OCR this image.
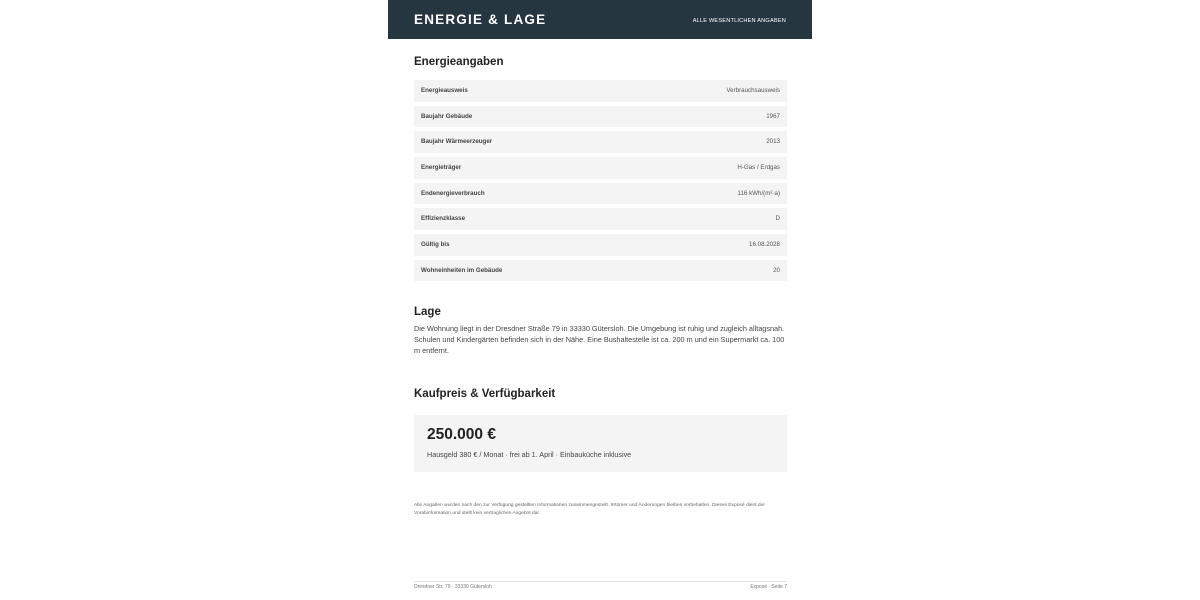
ENERGIE & LAGE	ALLE WESENTLICHEN ANGABEN
Energieangaben
Energieausweis	Verbrauchsausweis
Baujahr Gebäude	1967
Baujahr Wärmeerzeuger	2013
Energieträger	H-Gas / Erdgas
Endenergieverbrauch	116 kWh/(m²·a)
Effizienzklasse	D
Gültig bis	16.08.2028
Wohneinheiten im Gebäude	20
Lage
Die Wohnung liegt in der Dresdner Straße 79 in 33330 Gütersloh. Die Umgebung ist ruhig und zugleich alltagsnah. Schulen und Kindergärten befinden sich in der Nähe. Eine Bushaltestelle ist ca. 200 m und ein Supermarkt ca. 100 m entfernt.
Kaufpreis & Verfügbarkeit
250.000 €
Hausgeld 380 € / Monat · frei ab 1. April · Einbauküche inklusive
Alle Angaben wurden nach den zur Verfügung gestellten Informationen zusammengestellt. Irrtümer und Änderungen bleiben vorbehalten. Dieses Exposé dient der Vorabinformation und stellt kein vertragliches Angebot dar.
Dresdner Str. 79 · 33330 Gütersloh	Exposé · Seite 7
